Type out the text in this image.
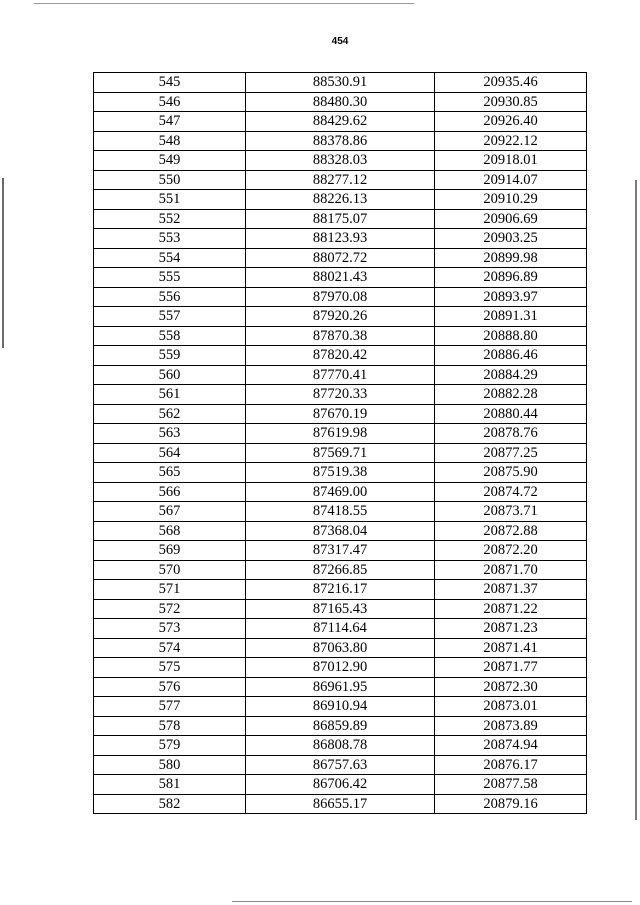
454
545	88530.91	20935.46
546	88480.30	20930.85
547	88429.62	20926.40
548	88378.86	20922.12
549	88328.03	20918.01
550	88277.12	20914.07
551	88226.13	20910.29
552	88175.07	20906.69
553	88123.93	20903.25
554	88072.72	20899.98
555	88021.43	20896.89
556	87970.08	20893.97
557	87920.26	20891.31
558	87870.38	20888.80
559	87820.42	20886.46
560	87770.41	20884.29
561	87720.33	20882.28
562	87670.19	20880.44
563	87619.98	20878.76
564	87569.71	20877.25
565	87519.38	20875.90
566	87469.00	20874.72
567	87418.55	20873.71
568	87368.04	20872.88
569	87317.47	20872.20
570	87266.85	20871.70
571	87216.17	20871.37
572	87165.43	20871.22
573	87114.64	20871.23
574	87063.80	20871.41
575	87012.90	20871.77
576	86961.95	20872.30
577	86910.94	20873.01
578	86859.89	20873.89
579	86808.78	20874.94
580	86757.63	20876.17
581	86706.42	20877.58
582	86655.17	20879.16
